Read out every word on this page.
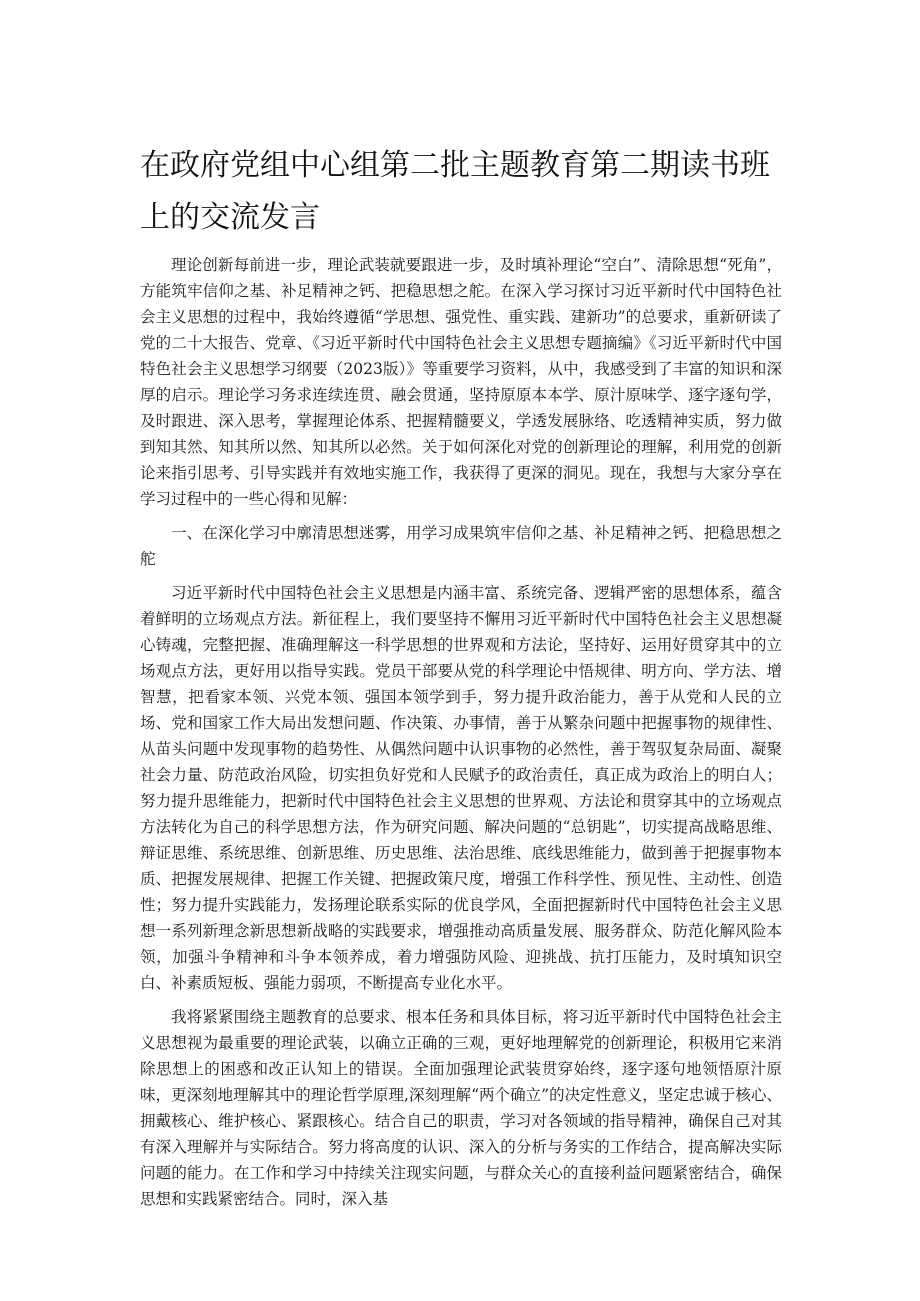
在政府党组中心组第二批主题教育第二期读书班上的交流发言

理论创新每前进一步，理论武装就要跟进一步，及时填补理论“空白”、清除思想“死角”，方能筑牢信仰之基、补足精神之钙、把稳思想之舵。在深入学习探讨习近平新时代中国特色社会主义思想的过程中，我始终遵循“学思想、强党性、重实践、建新功”的总要求，重新研读了党的二十大报告、党章、《习近平新时代中国特色社会主义思想专题摘编》《习近平新时代中国特色社会主义思想学习纲要（2023版）》等重要学习资料，从中，我感受到了丰富的知识和深厚的启示。理论学习务求连续连贯、融会贯通，坚持原原本本学、原汁原味学、逐字逐句学，及时跟进、深入思考，掌握理论体系、把握精髓要义，学透发展脉络、吃透精神实质，努力做到知其然、知其所以然、知其所以必然。关于如何深化对党的创新理论的理解，利用党的创新论来指引思考、引导实践并有效地实施工作，我获得了更深的洞见。现在，我想与大家分享在学习过程中的一些心得和见解：

一、在深化学习中廓清思想迷雾，用学习成果筑牢信仰之基、补足精神之钙、把稳思想之舵

习近平新时代中国特色社会主义思想是内涵丰富、系统完备、逻辑严密的思想体系，蕴含着鲜明的立场观点方法。新征程上，我们要坚持不懈用习近平新时代中国特色社会主义思想凝心铸魂，完整把握、准确理解这一科学思想的世界观和方法论，坚持好、运用好贯穿其中的立场观点方法，更好用以指导实践。党员干部要从党的科学理论中悟规律、明方向、学方法、增智慧，把看家本领、兴党本领、强国本领学到手，努力提升政治能力，善于从党和人民的立场、党和国家工作大局出发想问题、作决策、办事情，善于从繁杂问题中把握事物的规律性、从苗头问题中发现事物的趋势性、从偶然问题中认识事物的必然性，善于驾驭复杂局面、凝聚社会力量、防范政治风险，切实担负好党和人民赋予的政治责任，真正成为政治上的明白人；努力提升思维能力，把新时代中国特色社会主义思想的世界观、方法论和贯穿其中的立场观点方法转化为自己的科学思想方法，作为研究问题、解决问题的“总钥匙”，切实提高战略思维、辩证思维、系统思维、创新思维、历史思维、法治思维、底线思维能力，做到善于把握事物本质、把握发展规律、把握工作关键、把握政策尺度，增强工作科学性、预见性、主动性、创造性；努力提升实践能力，发扬理论联系实际的优良学风，全面把握新时代中国特色社会主义思想一系列新理念新思想新战略的实践要求，增强推动高质量发展、服务群众、防范化解风险本领，加强斗争精神和斗争本领养成，着力增强防风险、迎挑战、抗打压能力，及时填知识空白、补素质短板、强能力弱项，不断提高专业化水平。

我将紧紧围绕主题教育的总要求、根本任务和具体目标，将习近平新时代中国特色社会主义思想视为最重要的理论武装，以确立正确的三观，更好地理解党的创新理论，积极用它来消除思想上的困惑和改正认知上的错误。全面加强理论武装贯穿始终，逐字逐句地领悟原汁原味，更深刻地理解其中的理论哲学原理,深刻理解“两个确立”的决定性意义，坚定忠诚于核心、拥戴核心、维护核心、紧跟核心。结合自己的职责，学习对各领域的指导精神，确保自己对其有深入理解并与实际结合。努力将高度的认识、深入的分析与务实的工作结合，提高解决实际问题的能力。在工作和学习中持续关注现实问题，与群众关心的直接利益问题紧密结合，确保思想和实践紧密结合。同时，深入基
